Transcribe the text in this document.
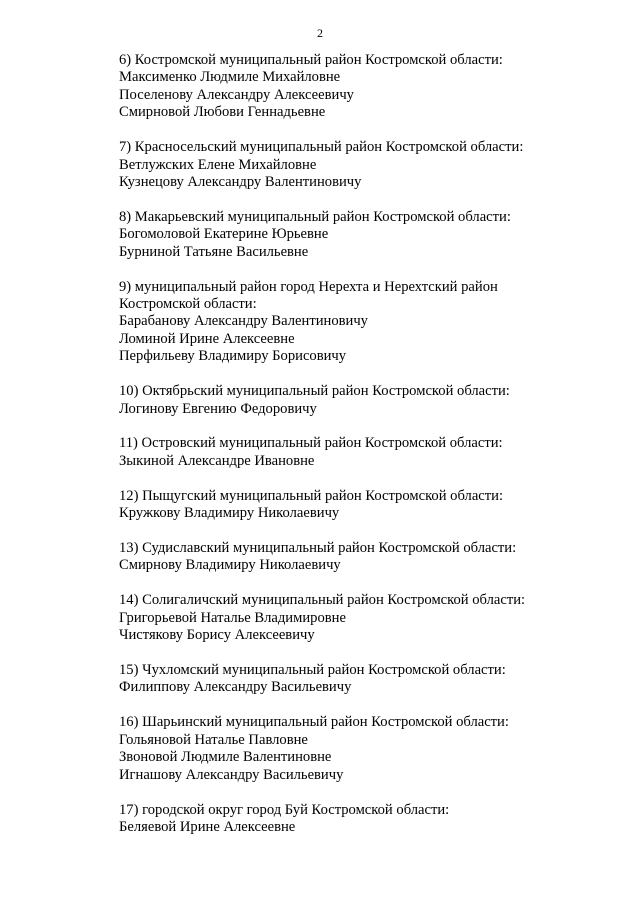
2
6) Костромской муниципальный район Костромской области:
Максименко Людмиле Михайловне
Поселенову Александру Алексеевичу
Смирновой Любови Геннадьевне
7) Красносельский муниципальный район Костромской области:
Ветлужских Елене Михайловне
Кузнецову Александру Валентиновичу
8) Макарьевский муниципальный район Костромской области:
Богомоловой Екатерине Юрьевне
Бурниной Татьяне Васильевне
9) муниципальный район город Нерехта и Нерехтский район
Костромской области:
Барабанову Александру Валентиновичу
Ломиной Ирине Алексеевне
Перфильеву Владимиру Борисовичу
10) Октябрьский муниципальный район Костромской области:
Логинову Евгению Федоровичу
11) Островский муниципальный район Костромской области:
Зыкиной Александре Ивановне
12) Пыщугский муниципальный район Костромской области:
Кружкову Владимиру Николаевичу
13) Судиславский муниципальный район Костромской области:
Смирнову Владимиру Николаевичу
14) Солигаличский муниципальный район Костромской области:
Григорьевой Наталье Владимировне
Чистякову Борису Алексеевичу
15) Чухломский муниципальный район Костромской области:
Филиппову Александру Васильевичу
16) Шарьинский муниципальный район Костромской области:
Гольяновой Наталье Павловне
Звоновой Людмиле Валентиновне
Игнашову Александру Васильевичу
17) городской округ город Буй Костромской области:
Беляевой Ирине Алексеевне
